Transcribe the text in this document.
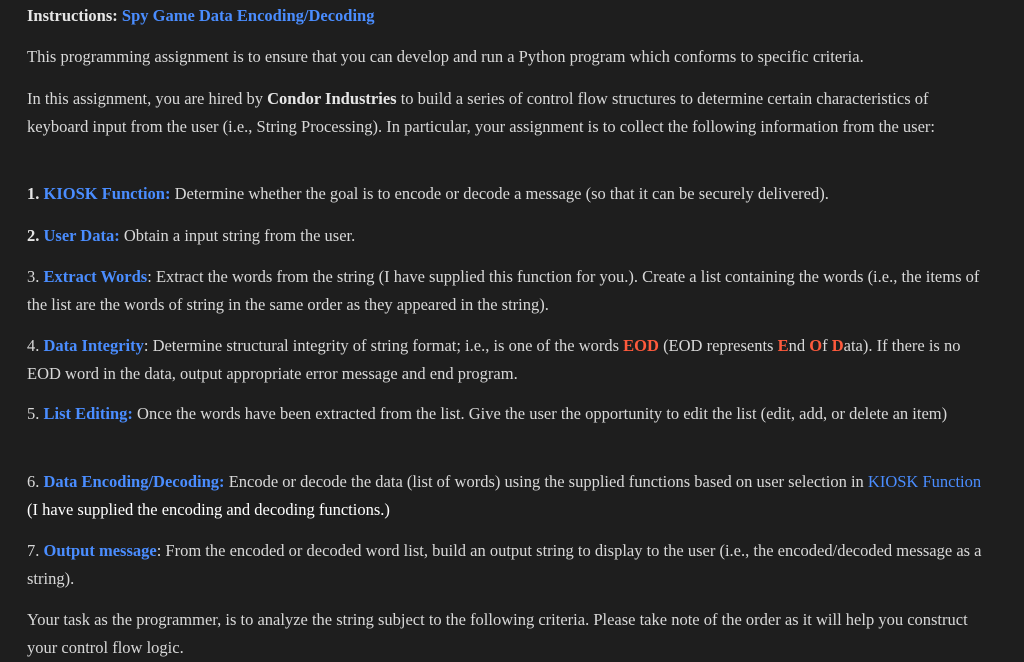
Instructions: Spy Game Data Encoding/Decoding

This programming assignment is to ensure that you can develop and run a Python program which conforms to specific criteria.

In this assignment, you are hired by Condor Industries to build a series of control flow structures to determine certain characteristics of keyboard input from the user (i.e., String Processing). In particular, your assignment is to collect the following information from the user:

1. KIOSK Function: Determine whether the goal is to encode or decode a message (so that it can be securely delivered).

2. User Data: Obtain a input string from the user.

3. Extract Words: Extract the words from the string (I have supplied this function for you.). Create a list containing the words (i.e., the items of the list are the words of string in the same order as they appeared in the string).

4. Data Integrity: Determine structural integrity of string format; i.e., is one of the words EOD (EOD represents End Of Data). If there is no EOD word in the data, output appropriate error message and end program.

5. List Editing: Once the words have been extracted from the list. Give the user the opportunity to edit the list (edit, add, or delete an item)

6. Data Encoding/Decoding: Encode or decode the data (list of words) using the supplied functions based on user selection in KIOSK Function (I have supplied the encoding and decoding functions.)

7. Output message: From the encoded or decoded word list, build an output string to display to the user (i.e., the encoded/decoded message as a string).

Your task as the programmer, is to analyze the string subject to the following criteria. Please take note of the order as it will help you construct your control flow logic.
